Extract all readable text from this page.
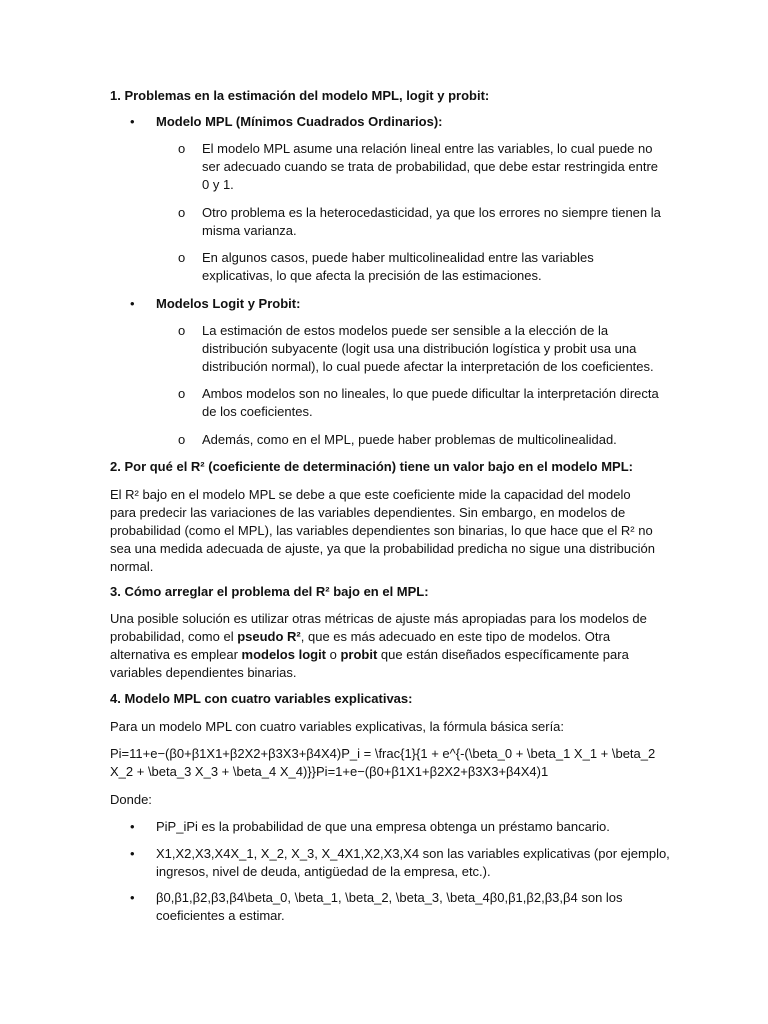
1. Problemas en la estimación del modelo MPL, logit y probit:
• Modelo MPL (Mínimos Cuadrados Ordinarios):
o El modelo MPL asume una relación lineal entre las variables, lo cual puede no ser adecuado cuando se trata de probabilidad, que debe estar restringida entre 0 y 1.
o Otro problema es la heterocedasticidad, ya que los errores no siempre tienen la misma varianza.
o En algunos casos, puede haber multicolinealidad entre las variables explicativas, lo que afecta la precisión de las estimaciones.
• Modelos Logit y Probit:
o La estimación de estos modelos puede ser sensible a la elección de la distribución subyacente (logit usa una distribución logística y probit usa una distribución normal), lo cual puede afectar la interpretación de los coeficientes.
o Ambos modelos son no lineales, lo que puede dificultar la interpretación directa de los coeficientes.
o Además, como en el MPL, puede haber problemas de multicolinealidad.
2. Por qué el R² (coeficiente de determinación) tiene un valor bajo en el modelo MPL:
El R² bajo en el modelo MPL se debe a que este coeficiente mide la capacidad del modelo para predecir las variaciones de las variables dependientes. Sin embargo, en modelos de probabilidad (como el MPL), las variables dependientes son binarias, lo que hace que el R² no sea una medida adecuada de ajuste, ya que la probabilidad predicha no sigue una distribución normal.
3. Cómo arreglar el problema del R² bajo en el MPL:
Una posible solución es utilizar otras métricas de ajuste más apropiadas para los modelos de probabilidad, como el pseudo R², que es más adecuado en este tipo de modelos. Otra alternativa es emplear modelos logit o probit que están diseñados específicamente para variables dependientes binarias.
4. Modelo MPL con cuatro variables explicativas:
Para un modelo MPL con cuatro variables explicativas, la fórmula básica sería:
Pi=11+e−(β0+β1X1+β2X2+β3X3+β4X4)P_i = \frac{1}{1 + e^{-(\beta_0 + \beta_1 X_1 + \beta_2 X_2 + \beta_3 X_3 + \beta_4 X_4)}}Pi=1+e−(β0+β1X1+β2X2+β3X3+β4X4)1
Donde:
• PiP_iPi es la probabilidad de que una empresa obtenga un préstamo bancario.
• X1,X2,X3,X4X_1, X_2, X_3, X_4X1,X2,X3,X4 son las variables explicativas (por ejemplo, ingresos, nivel de deuda, antigüedad de la empresa, etc.).
• β0,β1,β2,β3,β4\beta_0, \beta_1, \beta_2, \beta_3, \beta_4β0,β1,β2,β3,β4 son los coeficientes a estimar.
